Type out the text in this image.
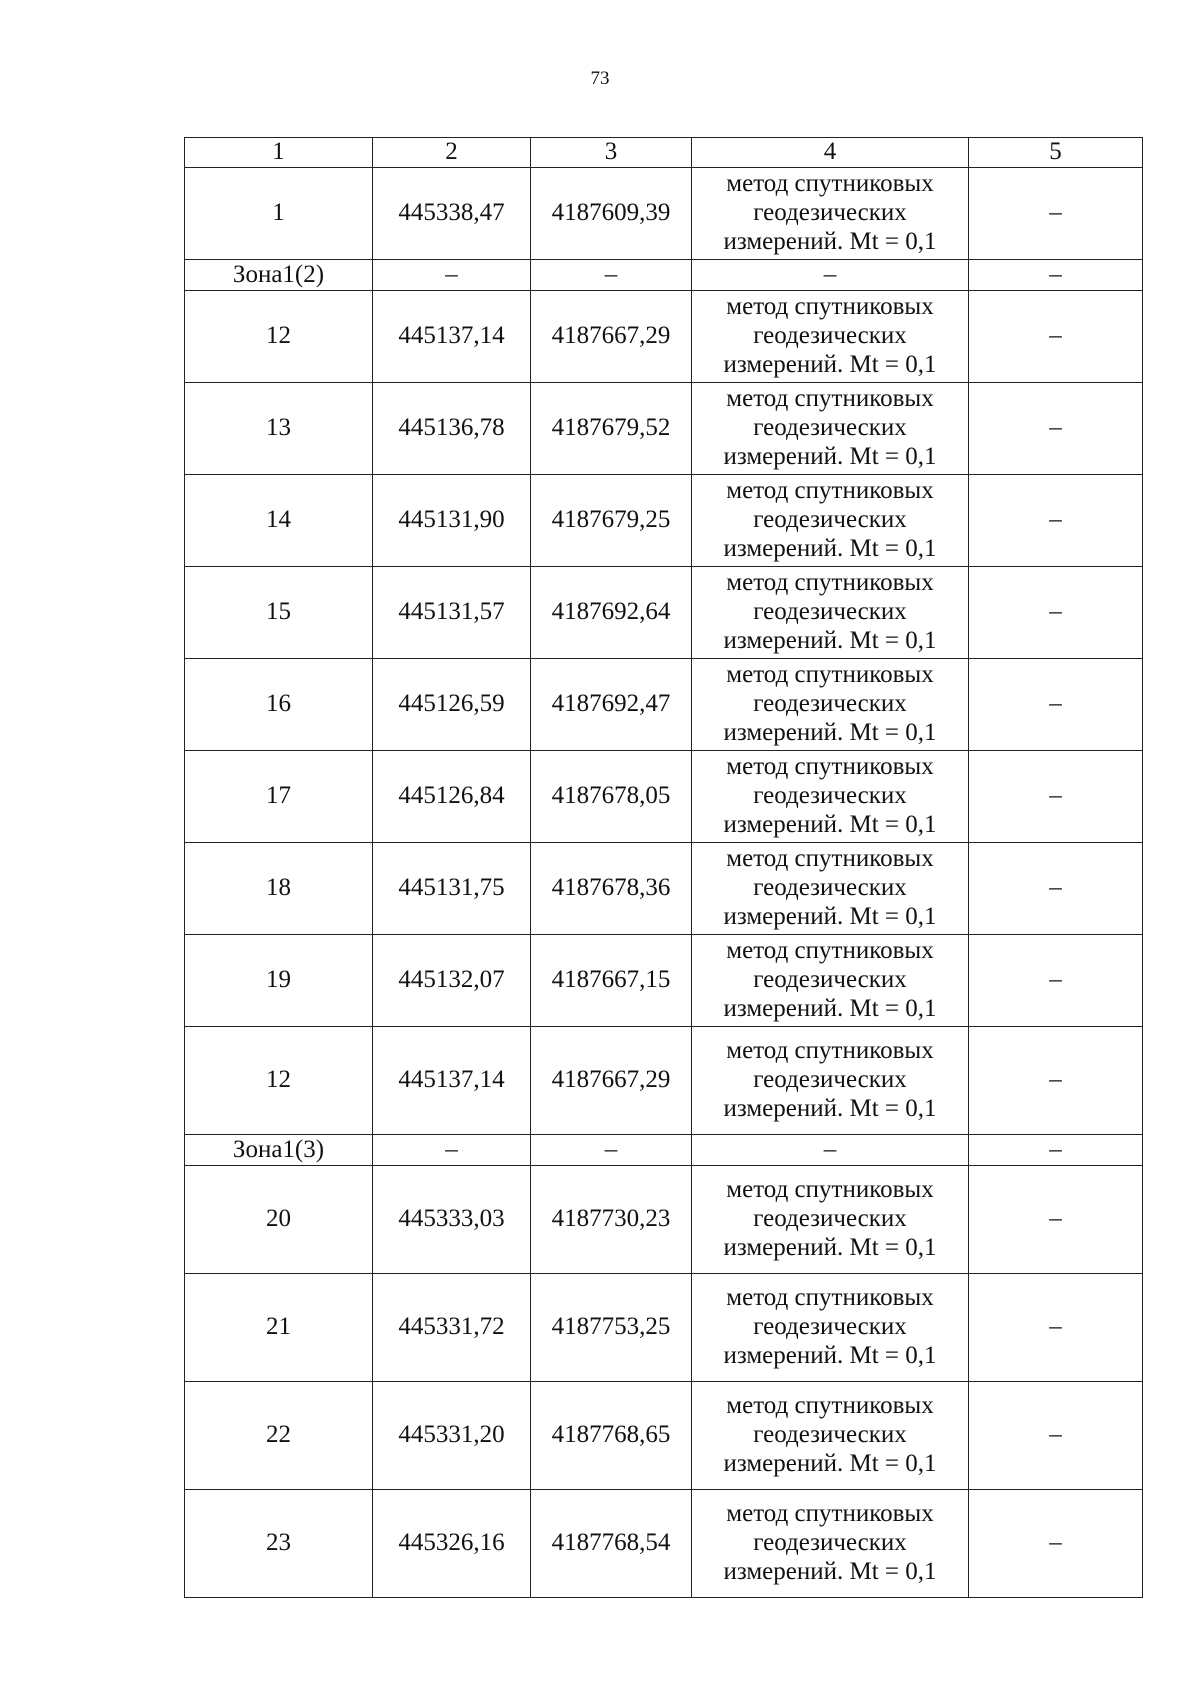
73
1	2	3	4	5
1	445338,47	4187609,39	метод спутниковых геодезических измерений. Mt = 0,1	–
Зона1(2)	–	–	–	–
12	445137,14	4187667,29	метод спутниковых геодезических измерений. Mt = 0,1	–
13	445136,78	4187679,52	метод спутниковых геодезических измерений. Mt = 0,1	–
14	445131,90	4187679,25	метод спутниковых геодезических измерений. Mt = 0,1	–
15	445131,57	4187692,64	метод спутниковых геодезических измерений. Mt = 0,1	–
16	445126,59	4187692,47	метод спутниковых геодезических измерений. Mt = 0,1	–
17	445126,84	4187678,05	метод спутниковых геодезических измерений. Mt = 0,1	–
18	445131,75	4187678,36	метод спутниковых геодезических измерений. Mt = 0,1	–
19	445132,07	4187667,15	метод спутниковых геодезических измерений. Mt = 0,1	–
12	445137,14	4187667,29	метод спутниковых геодезических измерений. Mt = 0,1	–
Зона1(3)	–	–	–	–
20	445333,03	4187730,23	метод спутниковых геодезических измерений. Mt = 0,1	–
21	445331,72	4187753,25	метод спутниковых геодезических измерений. Mt = 0,1	–
22	445331,20	4187768,65	метод спутниковых геодезических измерений. Mt = 0,1	–
23	445326,16	4187768,54	метод спутниковых геодезических измерений. Mt = 0,1	–
